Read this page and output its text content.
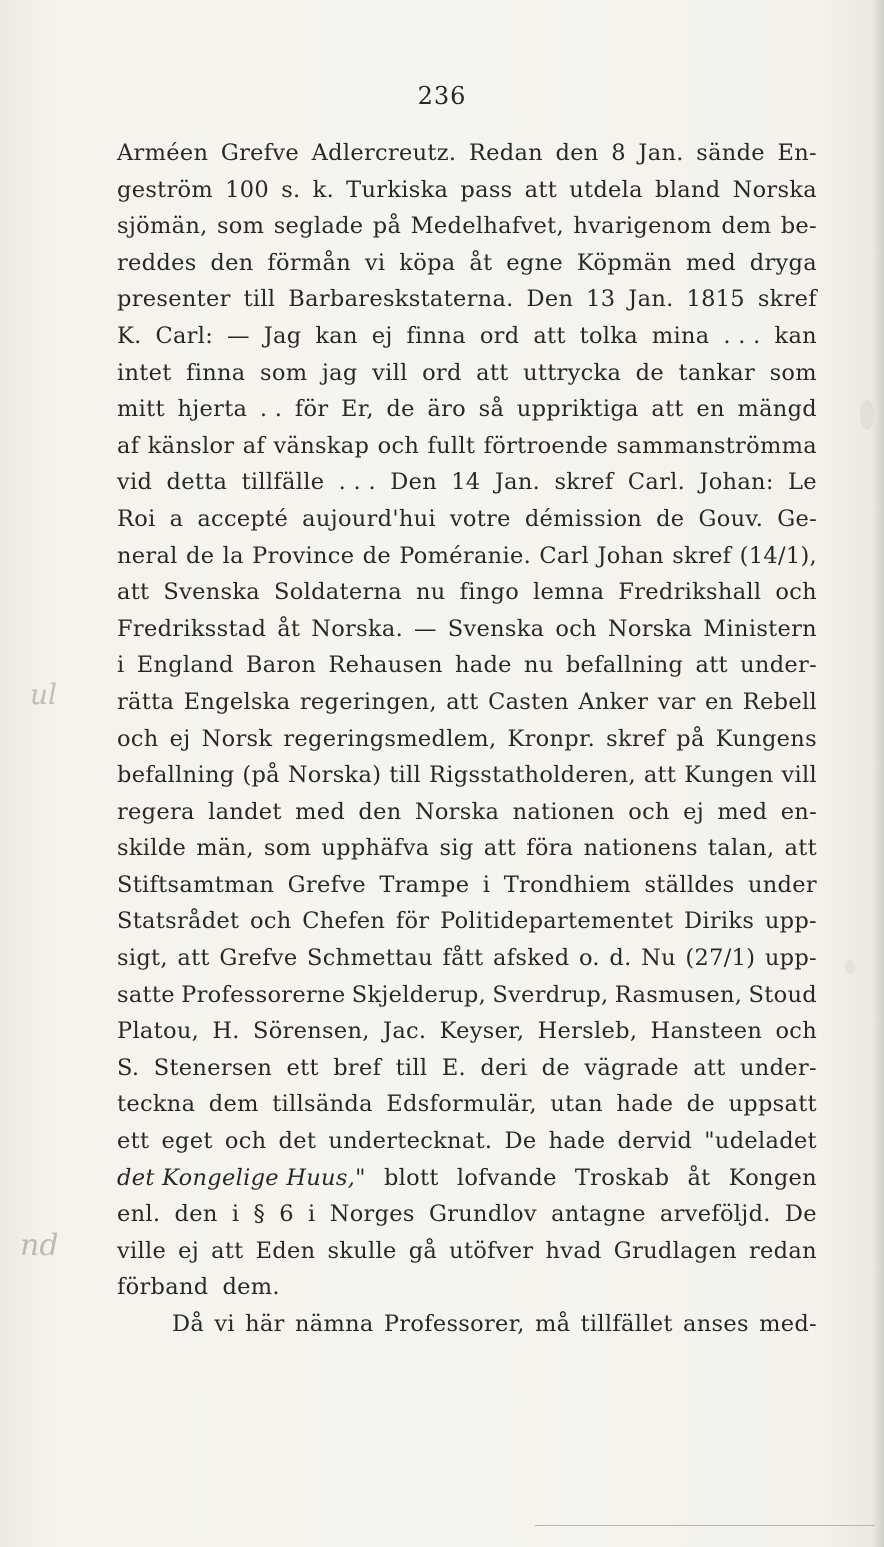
236
ul
nd
Arméen Grefve Adlercreutz. Redan den 8 Jan. sände En-
geström 100 s. k. Turkiska pass att utdela bland Norska
sjömän, som seglade på Medelhafvet, hvarigenom dem be-
reddes den förmån vi köpa åt egne Köpmän med dryga
presenter till Barbareskstaterna. Den 13 Jan. 1815 skref
K. Carl: — Jag kan ej finna ord att tolka mina . . . kan
intet finna som jag vill ord att uttrycka de tankar som
mitt hjerta . . för Er, de äro så uppriktiga att en mängd
af känslor af vänskap och fullt förtroende sammanströmma
vid detta tillfälle . . . Den 14 Jan. skref Carl. Johan: Le
Roi a accepté aujourd'hui votre démission de Gouv. Ge-
neral de la Province de Poméranie. Carl Johan skref (14/1),
att Svenska Soldaterna nu fingo lemna Fredrikshall och
Fredriksstad åt Norska. — Svenska och Norska Ministern
i England Baron Rehausen hade nu befallning att under-
rätta Engelska regeringen, att Casten Anker var en Rebell
och ej Norsk regeringsmedlem, Kronpr. skref på Kungens
befallning (på Norska) till Rigsstatholderen, att Kungen vill
regera landet med den Norska nationen och ej med en-
skilde män, som upphäfva sig att föra nationens talan, att
Stiftsamtman Grefve Trampe i Trondhiem ställdes under
Statsrådet och Chefen för Politidepartementet Diriks upp-
sigt, att Grefve Schmettau fått afsked o. d. Nu (27/1) upp-
satte Professorerne Skjelderup, Sverdrup, Rasmusen, Stoud
Platou, H. Sörensen, Jac. Keyser, Hersleb, Hansteen och
S. Stenersen ett bref till E. deri de vägrade att under-
teckna dem tillsända Edsformulär, utan hade de uppsatt
ett eget och det undertecknat. De hade dervid "udeladet
det Kongelige Huus," blott lofvande Troskab åt Kongen
enl. den i § 6 i Norges Grundlov antagne arvefölјd. De
ville ej att Eden skulle gå utöfver hvad Grudlagen redan
förband dem.
Då vi här nämna Professorer, må tillfället anses med-
